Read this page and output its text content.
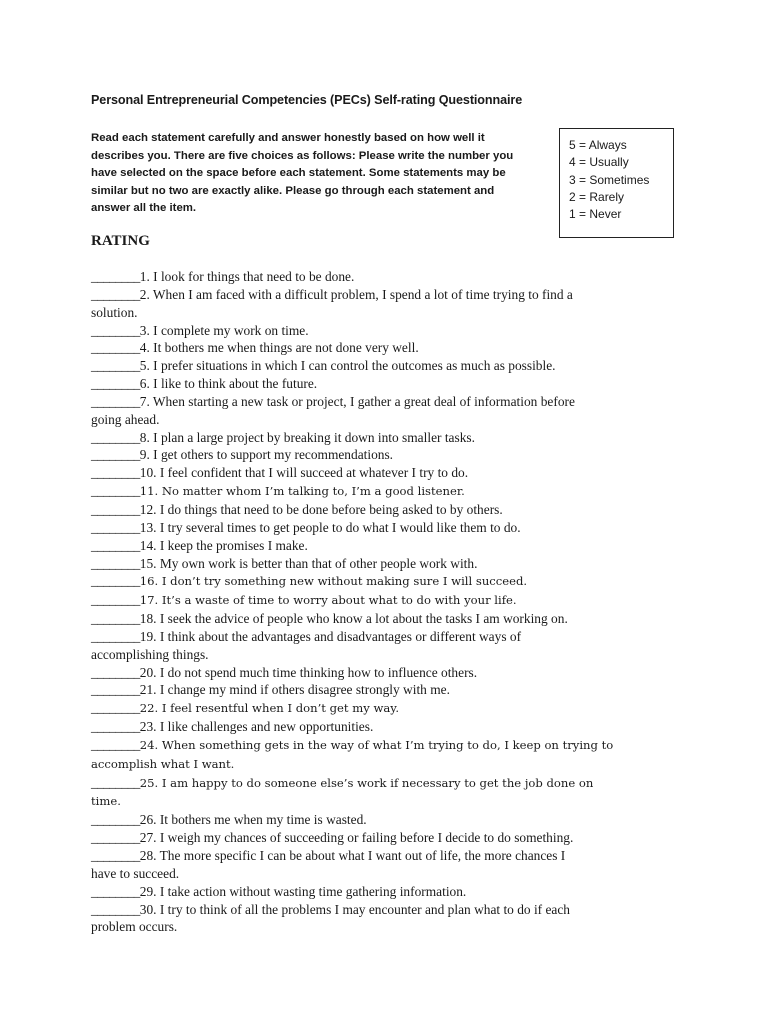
Personal Entrepreneurial Competencies (PECs) Self-rating Questionnaire

Read each statement carefully and answer honestly based on how well it
describes you. There are five choices as follows: Please write the number you
have selected on the space before each statement. Some statements may be
similar but no two are exactly alike. Please go through each statement and
answer all the item.

5 = Always
4 = Usually
3 = Sometimes
2 = Rarely
1 = Never
RATING
________1. I look for things that need to be done.
________2. When I am faced with a difficult problem, I spend a lot of time trying to find a
solution.
________3. I complete my work on time.
________4. It bothers me when things are not done very well.
________5. I prefer situations in which I can control the outcomes as much as possible.
________6. I like to think about the future.
________7. When starting a new task or project, I gather a great deal of information before
going ahead.
________8. I plan a large project by breaking it down into smaller tasks.
________9. I get others to support my recommendations.
________10. I feel confident that I will succeed at whatever I try to do.
________11. No matter whom I’m talking to, I’m a good listener.
________12. I do things that need to be done before being asked to by others.
________13. I try several times to get people to do what I would like them to do.
________14. I keep the promises I make.
________15. My own work is better than that of other people work with.
________16. I don’t try something new without making sure I will succeed.
________17. It’s a waste of time to worry about what to do with your life.
________18. I seek the advice of people who know a lot about the tasks I am working on.
________19. I think about the advantages and disadvantages or different ways of
accomplishing things.
________20. I do not spend much time thinking how to influence others.
________21. I change my mind if others disagree strongly with me.
________22. I feel resentful when I don’t get my way.
________23. I like challenges and new opportunities.
________24. When something gets in the way of what I’m trying to do, I keep on trying to
accomplish what I want.
________25. I am happy to do someone else’s work if necessary to get the job done on
time.
________26. It bothers me when my time is wasted.
________27. I weigh my chances of succeeding or failing before I decide to do something.
________28. The more specific I can be about what I want out of life, the more chances I
have to succeed.
________29. I take action without wasting time gathering information.
________30. I try to think of all the problems I may encounter and plan what to do if each
problem occurs.
